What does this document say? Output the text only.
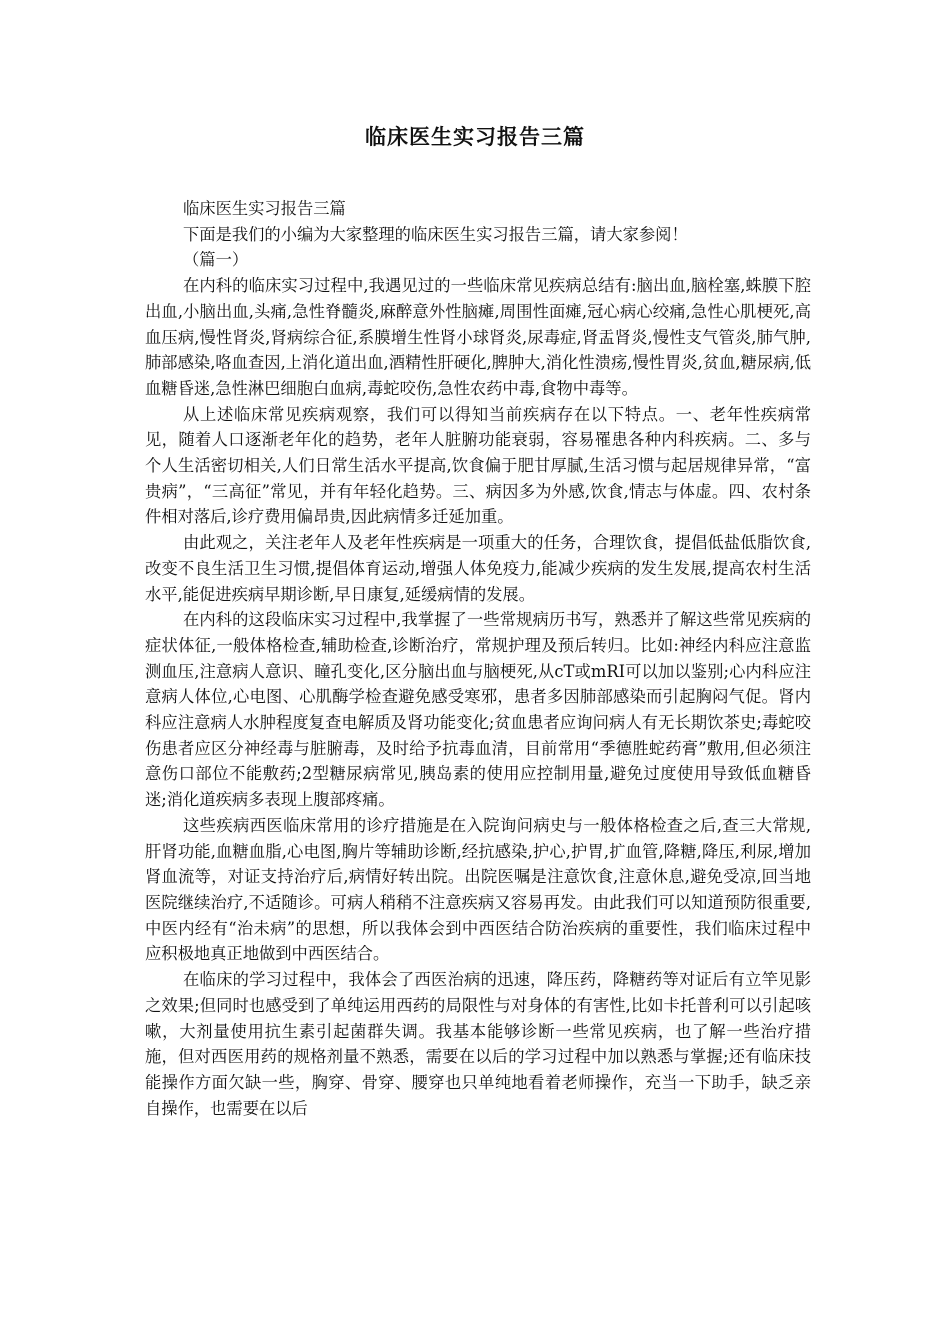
临床医生实习报告三篇

临床医生实习报告三篇

下面是我们的小编为大家整理的临床医生实习报告三篇，请大家参阅！

（篇一）

在内科的临床实习过程中,我遇见过的一些临床常见疾病总结有:脑出血,脑栓塞,蛛膜下腔出血,小脑出血,头痛,急性脊髓炎,麻醉意外性脑瘫,周围性面瘫,冠心病心绞痛,急性心肌梗死,高血压病,慢性肾炎,肾病综合征,系膜增生性肾小球肾炎,尿毒症,肾盂肾炎,慢性支气管炎,肺气肿,肺部感染,咯血查因,上消化道出血,酒精性肝硬化,脾肿大,消化性溃疡,慢性胃炎,贫血,糖尿病,低血糖昏迷,急性淋巴细胞白血病,毒蛇咬伤,急性农药中毒,食物中毒等。

从上述临床常见疾病观察，我们可以得知当前疾病存在以下特点。一、老年性疾病常见，随着人口逐渐老年化的趋势，老年人脏腑功能衰弱，容易罹患各种内科疾病。二、多与个人生活密切相关,人们日常生活水平提高,饮食偏于肥甘厚腻,生活习惯与起居规律异常，“富贵病”，“三高征”常见，并有年轻化趋势。三、病因多为外感,饮食,情志与体虚。四、农村条件相对落后,诊疗费用偏昂贵,因此病情多迁延加重。

由此观之，关注老年人及老年性疾病是一项重大的任务，合理饮食，提倡低盐低脂饮食,改变不良生活卫生习惯,提倡体育运动,增强人体免疫力,能减少疾病的发生发展,提高农村生活水平,能促进疾病早期诊断,早日康复,延缓病情的发展。

在内科的这段临床实习过程中,我掌握了一些常规病历书写，熟悉并了解这些常见疾病的症状体征,一般体格检查,辅助检查,诊断治疗，常规护理及预后转归。比如:神经内科应注意监测血压,注意病人意识、瞳孔变化,区分脑出血与脑梗死,从cT或mRI可以加以鉴别;心内科应注意病人体位,心电图、心肌酶学检查避免感受寒邪，患者多因肺部感染而引起胸闷气促。肾内科应注意病人水肿程度复查电解质及肾功能变化;贫血患者应询问病人有无长期饮茶史;毒蛇咬伤患者应区分神经毒与脏腑毒，及时给予抗毒血清，目前常用“季德胜蛇药膏”敷用,但必须注意伤口部位不能敷药;2型糖尿病常见,胰岛素的使用应控制用量,避免过度使用导致低血糖昏迷;消化道疾病多表现上腹部疼痛。

这些疾病西医临床常用的诊疗措施是在入院询问病史与一般体格检查之后,查三大常规,肝肾功能,血糖血脂,心电图,胸片等辅助诊断,经抗感染,护心,护胃,扩血管,降糖,降压,利尿,增加肾血流等，对证支持治疗后,病情好转出院。出院医嘱是注意饮食,注意休息,避免受凉,回当地医院继续治疗,不适随诊。可病人稍稍不注意疾病又容易再发。由此我们可以知道预防很重要,中医内经有“治未病”的思想，所以我体会到中西医结合防治疾病的重要性，我们临床过程中应积极地真正地做到中西医结合。

在临床的学习过程中，我体会了西医治病的迅速，降压药，降糖药等对证后有立竿见影之效果;但同时也感受到了单纯运用西药的局限性与对身体的有害性,比如卡托普利可以引起咳嗽，大剂量使用抗生素引起菌群失调。我基本能够诊断一些常见疾病，也了解一些治疗措施，但对西医用药的规格剂量不熟悉，需要在以后的学习过程中加以熟悉与掌握;还有临床技能操作方面欠缺一些，胸穿、骨穿、腰穿也只单纯地看着老师操作，充当一下助手，缺乏亲自操作，也需要在以后
